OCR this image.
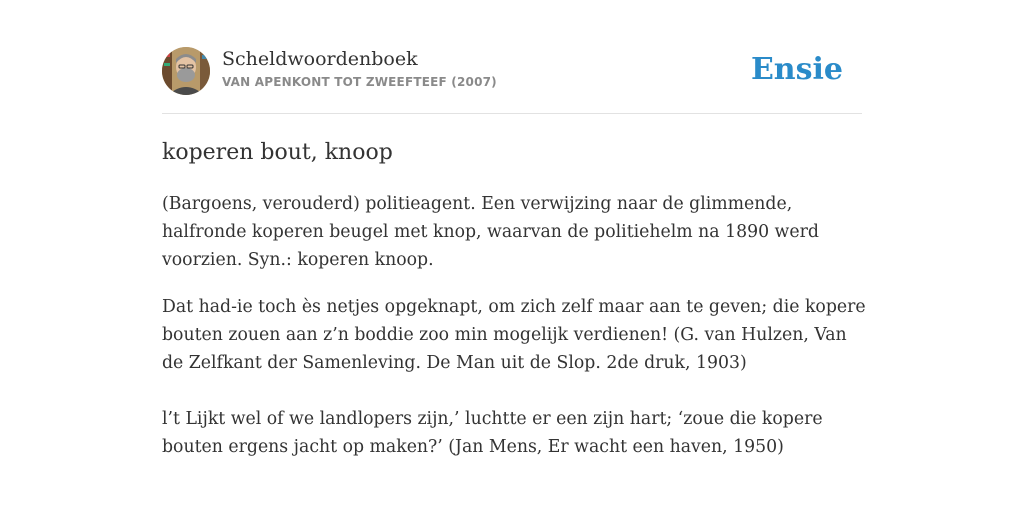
Scheldwoordenboek
VAN APENKONT TOT ZWEEFTEEF (2007)	Ensie
koperen bout, knoop

(Bargoens, verouderd) politieagent. Een verwijzing naar de glimmende, halfronde koperen beugel met knop, waarvan de politiehelm na 1890 werd voorzien. Syn.: koperen knoop.

Dat had-ie toch ès netjes opgeknapt, om zich zelf maar aan te geven; die kopere bouten zouen aan z’n boddie zoo min mogelijk verdienen! (G. van Hulzen, Van de Zelfkant der Samenleving. De Man uit de Slop. 2de druk, 1903)

l’t Lijkt wel of we landlopers zijn,’ luchtte er een zijn hart; ‘zoue die kopere bouten ergens jacht op maken?’ (Jan Mens, Er wacht een haven, 1950)
